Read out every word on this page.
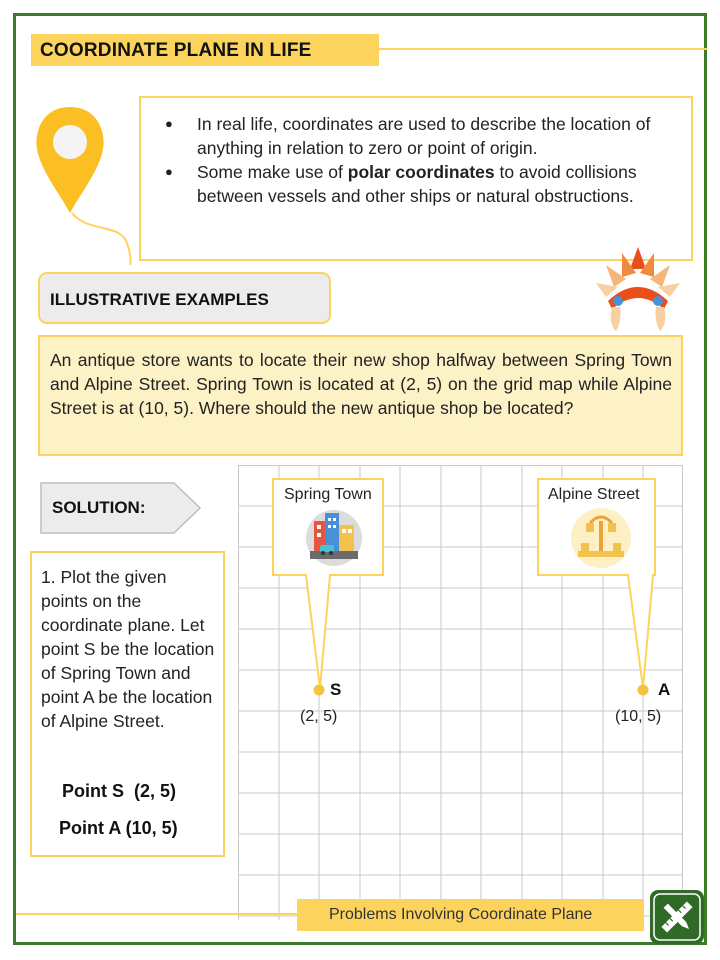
COORDINATE PLANE IN LIFE
● In real life, coordinates are used to describe the location of anything in relation to zero or point of origin.
● Some make use of polar coordinates to avoid collisions between vessels and other ships or natural obstructions.
ILLUSTRATIVE EXAMPLES

An antique store wants to locate their new shop halfway between Spring Town and Alpine Street. Spring Town is located at (2, 5) on the grid map while Alpine Street is at (10, 5). Where should the new antique shop be located?

SOLUTION:

1. Plot the given points on the coordinate plane. Let point S be the location of Spring Town and point A be the location of Alpine Street.

Point S  (2, 5)
Point A (10, 5)
Spring Town	Alpine Street
S	A
(2, 5)	(10, 5)
Problems Involving Coordinate Plane
